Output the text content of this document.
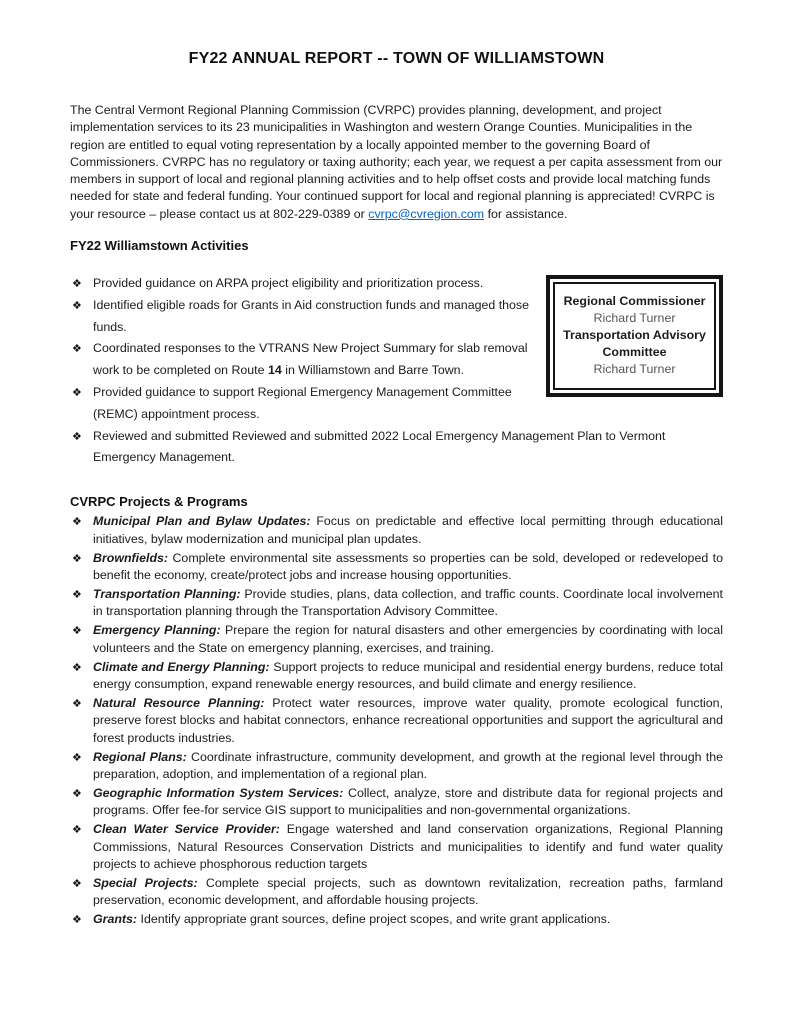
FY22 ANNUAL REPORT -- TOWN OF WILLIAMSTOWN

The Central Vermont Regional Planning Commission (CVRPC) provides planning, development, and project implementation services to its 23 municipalities in Washington and western Orange Counties. Municipalities in the region are entitled to equal voting representation by a locally appointed member to the governing Board of Commissioners. CVRPC has no regulatory or taxing authority; each year, we request a per capita assessment from our members in support of local and regional planning activities and to help offset costs and provide local matching funds needed for state and federal funding. Your continued support for local and regional planning is appreciated! CVRPC is your resource – please contact us at 802-229-0389 or cvrpc@cvregion.com for assistance.

FY22 Williamstown Activities
Regional Commissioner
Richard Turner
Transportation Advisory Committee
Richard Turner
❖ Provided guidance on ARPA project eligibility and prioritization process.
❖ Identified eligible roads for Grants in Aid construction funds and managed those funds.
❖ Coordinated responses to the VTRANS New Project Summary for slab removal work to be completed on Route 14 in Williamstown and Barre Town.
❖ Provided guidance to support Regional Emergency Management Committee (REMC) appointment process.
❖ Reviewed and submitted Reviewed and submitted 2022 Local Emergency Management Plan to Vermont Emergency Management.
CVRPC Projects & Programs
❖ Municipal Plan and Bylaw Updates: Focus on predictable and effective local permitting through educational initiatives, bylaw modernization and municipal plan updates.
❖ Brownfields: Complete environmental site assessments so properties can be sold, developed or redeveloped to benefit the economy, create/protect jobs and increase housing opportunities.
❖ Transportation Planning: Provide studies, plans, data collection, and traffic counts. Coordinate local involvement in transportation planning through the Transportation Advisory Committee.
❖ Emergency Planning: Prepare the region for natural disasters and other emergencies by coordinating with local volunteers and the State on emergency planning, exercises, and training.
❖ Climate and Energy Planning: Support projects to reduce municipal and residential energy burdens, reduce total energy consumption, expand renewable energy resources, and build climate and energy resilience.
❖ Natural Resource Planning: Protect water resources, improve water quality, promote ecological function, preserve forest blocks and habitat connectors, enhance recreational opportunities and support the agricultural and forest products industries.
❖ Regional Plans: Coordinate infrastructure, community development, and growth at the regional level through the preparation, adoption, and implementation of a regional plan.
❖ Geographic Information System Services: Collect, analyze, store and distribute data for regional projects and programs. Offer fee-for service GIS support to municipalities and non-governmental organizations.
❖ Clean Water Service Provider: Engage watershed and land conservation organizations, Regional Planning Commissions, Natural Resources Conservation Districts and municipalities to identify and fund water quality projects to achieve phosphorous reduction targets
❖ Special Projects: Complete special projects, such as downtown revitalization, recreation paths, farmland preservation, economic development, and affordable housing projects.
❖ Grants: Identify appropriate grant sources, define project scopes, and write grant applications.
